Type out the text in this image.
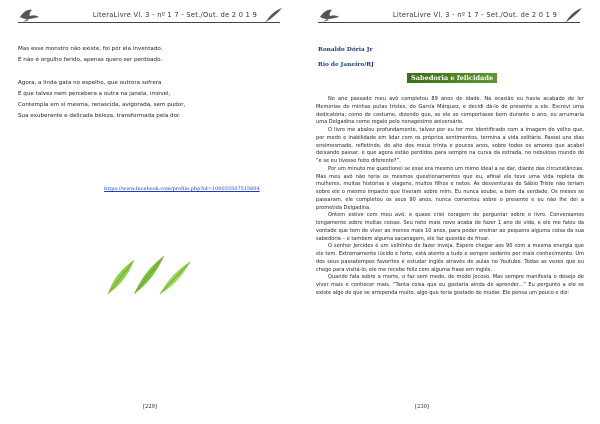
LiteraLivre Vl. 3 - nº 1 7 - Set./Out. de 2 0 1 9

Mas esse monstro não existe, foi por ela inventado.

E não é orgulho ferido, apenas quero ser perdoado.

Agora, a linda gata no espelho, que outrora sofrera

E que talvez nem percebera a outra na janela, imóvel,

Contempla em si mesma, renascida, avigorada, sem pudor,

Sua exuberante e delicada beleza, transformada pela dor.

https://www.facebook.com/profile.php?id=100035507515604
[229]
LiteraLivre Vl. 3 - nº 1 7 - Set./Out. de 2 0 1 9
Ronaldo Dória Jr
Rio de Janeiro/RJ
Sabedoria e felicidade

No ano passado meu avô completou 89 anos de idade. Na ocasião eu havia acabado de ler Memórias de minhas putas tristes, do García Márquez, e decidi dá-lo de presente a ele. Escrevi uma dedicatória, como de costume, dizendo que, se ele se comportasse bem durante o ano, eu arrumaria uma Delgadina como regalo pelo nonagésimo aniversário.

O livro me abalou profundamente, talvez por eu ter me identificado com a imagem do velho que, por medo e inabilidade em lidar com os próprios sentimentos, termina a vida solitário. Passei uns dias ensimesmado, refletindo, do alto dos meus trinta e poucos anos, sobre todos os amores que acabei deixando passar, e que agora estão perdidos para sempre na curva da estrada, no nebuloso mundo do “e se eu tivesse feito diferente?”.

Por um minuto me questionei se esse era mesmo um mimo ideal a se dar, diante das circunstâncias. Mas meu avô não teria os mesmos questionamentos que eu, afinal ele teve uma vida repleta de mulheres, muitas histórias e viagens, muitos filhos e netos. As desventuras do Sábio Triste não teriam sobre ele o mesmo impacto que tiveram sobre mim. Eu nunca soube, a bem da verdade. Os meses se passaram, ele completou os seus 90 anos, nunca comentou sobre o presente e eu não lhe dei a prometida Delgadina.

Ontem estive com meu avô, e quase criei coragem de perguntar sobre o livro. Conversamos longamente sobre muitas coisas. Seu neto mais novo acaba de fazer 1 ano de vida, e ele me falou da vontade que tem de viver ao menos mais 10 anos, para poder ensinar ao pequeno alguma coisa da sua sabedoria – e também alguma sacanagem, ele faz questão de frisar.

O senhor Jercides é um velhinho de fazer inveja. Espero chegar aos 90 com a mesma energia que ele tem. Extremamente lúcido e forte, está atento a tudo e sempre sedento por mais conhecimento. Um dos seus passatempos favoritos é estudar inglês através de aulas no Youtube. Todas as vezes que eu chego para visitá-lo, ele me recebe feliz com alguma frase em inglês.

Quando fala sobre a morte, o faz sem medo, de modo jocoso. Mas sempre manifesta o desejo de viver mais e conhecer mais. “Tanta coisa que eu gostaria ainda de aprender...” Eu pergunto a ele se existe algo de que se arrependa muito, algo que teria gostado de mudar. Ele pensa um pouco e diz:

[230]
